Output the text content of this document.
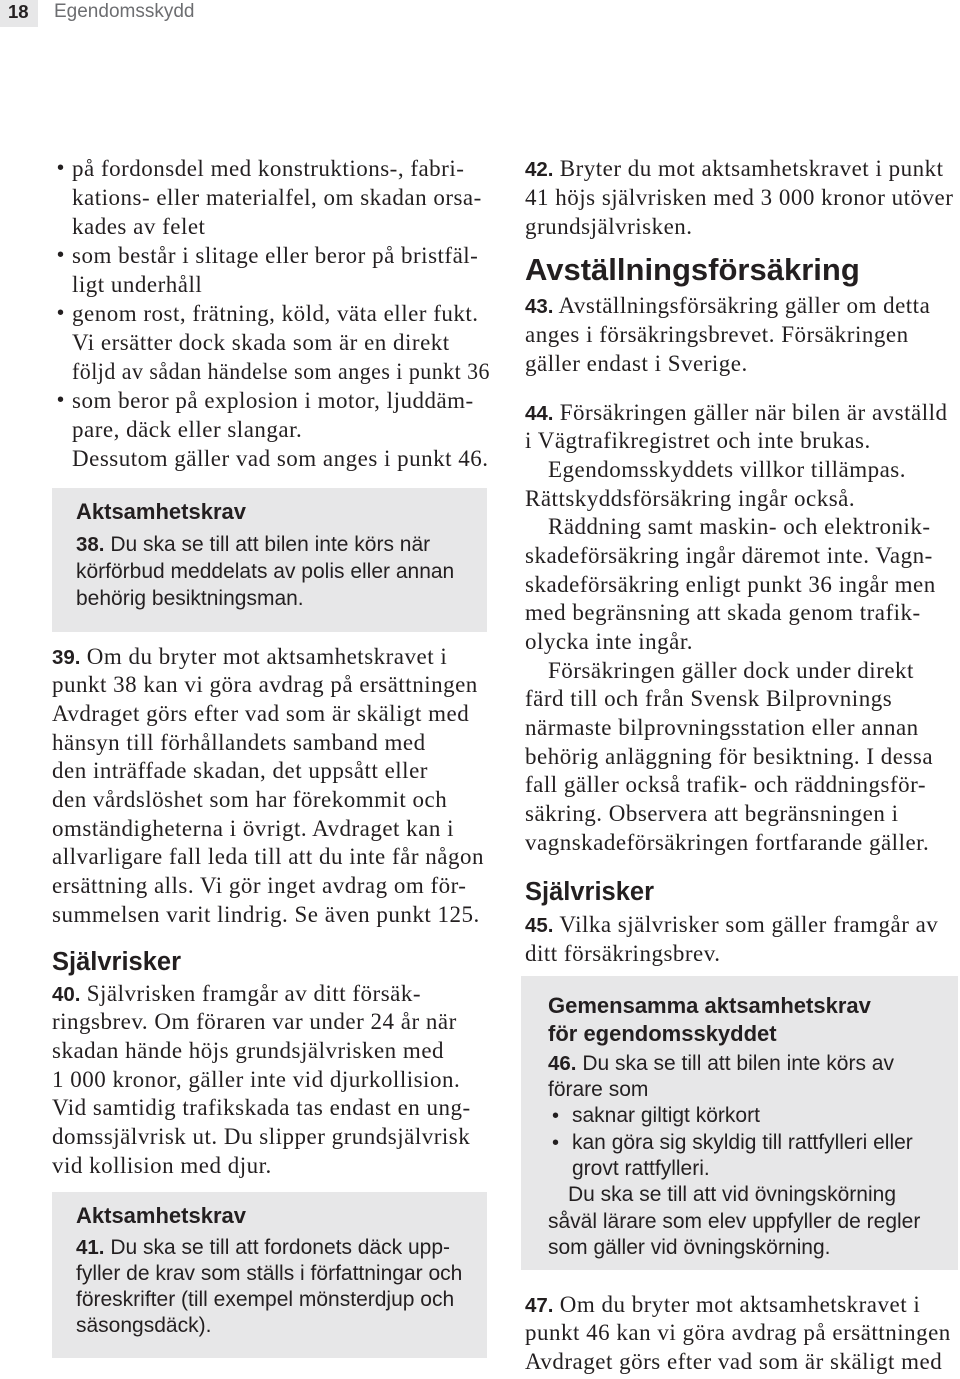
18 Egendomsskydd
• på fordonsdel med konstruktions-, fabri-
kations- eller materialfel, om skadan orsa-
kades av felet
• som består i slitage eller beror på bristfäl-
ligt underhåll
• genom rost, frätning, köld, väta eller fukt.
Vi ersätter dock skada som är en direkt
följd av sådan händelse som anges i punkt 36
• som beror på explosion i motor, ljuddäm-
pare, däck eller slangar.
Dessutom gäller vad som anges i punkt 46.
Aktsamhetskrav
38. Du ska se till att bilen inte körs när
körförbud meddelats av polis eller annan
behörig besiktningsman.
39. Om du bryter mot aktsamhetskravet i
punkt 38 kan vi göra avdrag på ersättningen
Avdraget görs efter vad som är skäligt med
hänsyn till förhållandets samband med
den inträffade skadan, det uppsått eller
den vårdslöshet som har förekommit och
omständigheterna i övrigt. Avdraget kan i
allvarligare fall leda till att du inte får någon
ersättning alls. Vi gör inget avdrag om för-
summelsen varit lindrig. Se även punkt 125.
Självrisker
40. Självrisken framgår av ditt försäk-
ringsbrev. Om föraren var under 24 år när
skadan hände höjs grundsjälvrisken med
1 000 kronor, gäller inte vid djurkollision.
Vid samtidig trafikskada tas endast en ung-
domssjälvrisk ut. Du slipper grundsjälvrisk
vid kollision med djur.
Aktsamhetskrav
41. Du ska se till att fordonets däck upp-
fyller de krav som ställs i författningar och
föreskrifter (till exempel mönsterdjup och
säsongsdäck).
42. Bryter du mot aktsamhetskravet i punkt
41 höjs självrisken med 3 000 kronor utöver
grundsjälvrisken.
Avställningsförsäkring
43. Avställningsförsäkring gäller om detta
anges i försäkringsbrevet. Försäkringen
gäller endast i Sverige.
44. Försäkringen gäller när bilen är avställd
i Vägtrafikregistret och inte brukas.
Egendomsskyddets villkor tillämpas.
Rättskyddsförsäkring ingår också.
Räddning samt maskin- och elektronik-
skadeförsäkring ingår däremot inte. Vagn-
skadeförsäkring enligt punkt 36 ingår men
med begränsning att skada genom trafik-
olycka inte ingår.
Försäkringen gäller dock under direkt
färd till och från Svensk Bilprovnings
närmaste bilprovningsstation eller annan
behörig anläggning för besiktning. I dessa
fall gäller också trafik- och räddningsför-
säkring. Observera att begränsningen i
vagnskadeförsäkringen fortfarande gäller.
Självrisker
45. Vilka självrisker som gäller framgår av
ditt försäkringsbrev.
Gemensamma aktsamhetskrav
för egendomsskyddet
46. Du ska se till att bilen inte körs av
förare som
• saknar giltigt körkort
• kan göra sig skyldig till rattfylleri eller
grovt rattfylleri.
Du ska se till att vid övningskörning
såväl lärare som elev uppfyller de regler
som gäller vid övningskörning.
47. Om du bryter mot aktsamhetskravet i
punkt 46 kan vi göra avdrag på ersättningen
Avdraget görs efter vad som är skäligt med
